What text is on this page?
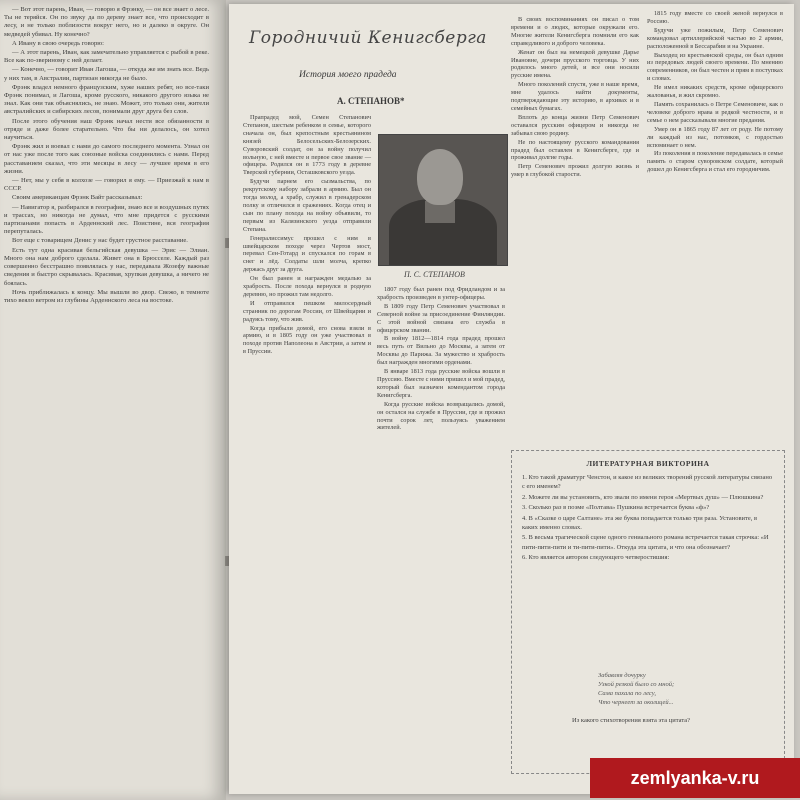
— Вот этот парень, Иван, — говорю я Фрэнку, — он все знает о лесе. Ты не теряйся. Он по звуку да по дереву знает все, что происходит в лесу, и не только поблизости вокруг него, но и далеко в округе. Он медведей убивал. Ну конечно?

А Ивану в свою очередь говорю:

— А этот парень, Иван, как замечательно управляется с рыбой в реке. Все как по-звериному с ней делает.

— Конечно, — говорит Иван Лагоша, — откуда же им знать все. Ведь у них там, в Австралии, партизан никогда не было.

Фрэнк владел немного французским, хуже наших ребят, но все-таки Фрэнк понимал, и Лагоша, кроме русского, никакого другого языка не знал. Как они так объяснялись, не знаю. Может, это только они, жители австралийских и сибирских лесов, понимали друг друга без слов.

После этого обучения наш Фрэнк начал нести все обязанности в отряде и даже более старательно. Что бы ни делалось, он хотел научиться.

Фрэнк жил и воевал с нами до самого последнего момента. Узнал он от нас уже после того как союзные войска соединились с нами. Перед расставанием сказал, что эти месяцы в лесу — лучшее время в его жизни.

— Нет, мы у себя в колхозе — говорил я ему. — Приезжай к нам в СССР.

Своим американцам Фрэнк Вайт рассказывал:

— Навигатор я, разбирался в географии, знаю все и воздушных путях и трассах, но никогда не думал, что мне придется с русскими партизанами попасть в Арденнский лес. Поистине, вся география перепуталась.

Вот еще с товарищем Денис у нас будет грустное расставание.

Есть тут одна красивая бельгийская девушка — Эрис — Элиан. Много она нам доброго сделала. Живет она в Брюсселе. Каждый раз совершенно бесстрашно появлялась у нас, передавала Жозефу важные сведения и быстро скрывалась. Красивая, хрупкая девушка, а ничего не боялась.

Ночь приближалась к концу. Мы вышли во двор. Свежо, в темноте тихо веяло ветром из глубины Арденнского леса на востоке.

Городничий Кенигсберга
История моего прадеда
А. СТЕПАНОВ*

Прапрадед мой, Семен Степанович Степанов, шестым ребенком в семье, которого сначала он, был крепостным крестьянином князей Белосельских-Белозерских. Суворовский солдат, он за войну получил вольную, с ней вместе и первое свое звание — офицера. Родился он в 1773 году в деревне Тверской губернии, Осташковского уезда.

Будучи парнем его сызмальства, по рекрутскому набору забрали в армию. Был он тогда молод, а храбр, служил в гренадерском полку и отличился в сражениях. Когда отец и сын по плану похода на войну объявили, то первым из Калязинского уезда отправили Степана.

Генералиссимус прошел с ним в швейцарском походе через Чертов мост, перевал Сен-Готард и спускался по горам в снег и лёд. Солдаты шли молча, крепко держась друг за друга.

Он был ранен и награжден медалью за храбрость. После похода вернулся в родную деревню, но прожил там недолго.

И отправился пешком милосердный странник по дорогам России, от Швейцарии и радуясь тому, что жив.

Когда прибыли домой, его снова взяли в армию, и в 1805 году он уже участвовал в походе против Наполеона в Австрии, а затем и в Пруссии.

П. С. СТЕПАНОВ

1807 году был ранен под Фридландом и за храбрость произведен в унтер-офицеры.

В 1809 году Петр Семенович участвовал в Северной войне за присоединение Финляндии. С этой войной связана его служба в офицерском звании.

В войну 1812—1814 года прадед прошел весь путь от Вильно до Москвы, а затем от Москвы до Парижа. За мужество и храбрость был награжден многими орденами.

В январе 1813 года русские войска вошли в Пруссию. Вместе с ними пришел и мой прадед, который был назначен комендантом города Кенигсберга.

Когда русские войска возвращались домой, он остался на службе в Пруссии, где и прожил почти сорок лет, пользуясь уважением жителей.

В своих воспоминаниях он писал о том времени и о людях, которые окружали его. Многие жители Кенигсберга помнили его как справедливого и доброго человека.

Женат он был на немецкой девушке Дарье Ивановне, дочери прусского торговца. У них родилось много детей, и все они носили русские имена.

Много поколений спустя, уже в наше время, мне удалось найти документы, подтверждающие эту историю, в архивах и в семейных бумагах.

Вплоть до конца жизни Петр Семенович оставался русским офицером и никогда не забывал свою родину.

Не по настоящему русского командования прадед был оставлен в Кенигсберге, где и проживал долгие годы.

Петр Семенович прожил долгую жизнь и умер в глубокой старости.

1815 году вместе со своей женой вернулся в Россию.

Будучи уже пожилым, Петр Семенович командовал артиллерийской частью во 2 армии, расположенной в Бессарабии и на Украине.

Выходец из крестьянской среды, он был одним из передовых людей своего времени. По мнению современников, он был честен и прям в поступках и словах.

Не имел никаких средств, кроме офицерского жалованья, и жил скромно.

Память сохранилась о Петре Семеновиче, как о человеке доброго нрава и редкой честности, и в семье о нем рассказывали многие предания.

Умер он в 1865 году 87 лет от роду. Не потому ли каждый из нас, потомков, с гордостью вспоминает о нем.

Из поколения в поколение передавалась в семье память о старом суворовском солдате, который дошел до Кенигсберга и стал его городничим.

ЛИТЕРАТУРНАЯ ВИКТОРИНА
1. Кто такой драматург Ченстон, и какое из великих творений русской литературы связано с его именем?
2. Можете ли вы установить, кто звали по имени героя «Мертвых душ» — Плюшкина?
3. Сколько раз в поэме «Полтава» Пушкина встречается буква «ф»?
4. В «Сказке о царе Салтане» эта же буква попадается только три раза. Установите, в каких именно словах.
5. В весьма трагической сцене одного гениального романа встречается такая строчка: «И пити-пити-пити и ти-пити-пити». Откуда эта цитата, и что она обозначает?
6. Кто является автором следующего четверостишия:
Забавляя дочурку
Узкой резкой было со мной;
Сама пахала по лесу,
Что чернеет за околицей...
Из какого стихотворения взята эта цитата?
zemlyanka-v.ru
